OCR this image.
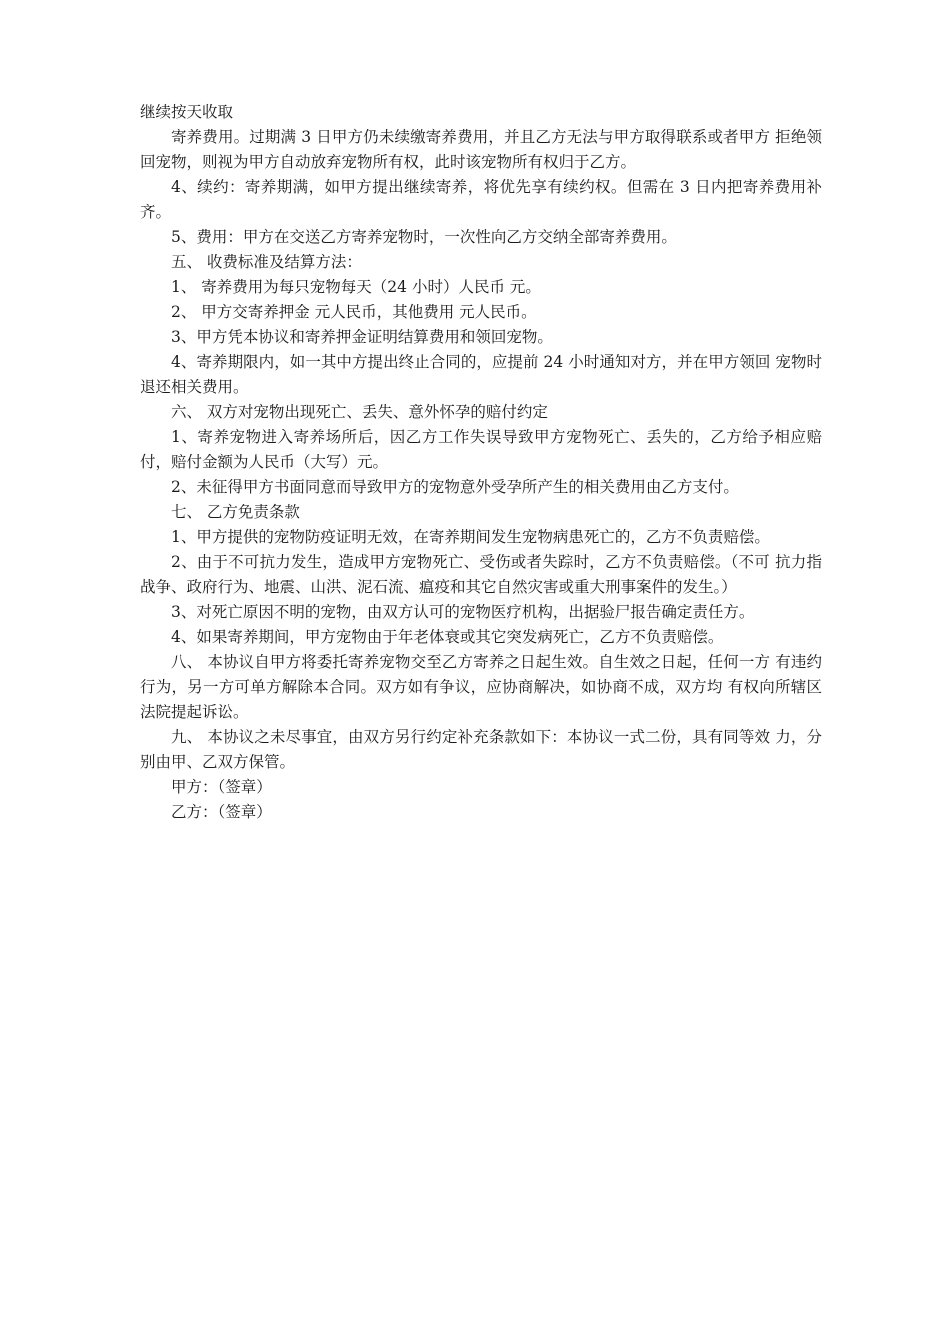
继续按天收取

寄养费用。过期满 3 日甲方仍未续缴寄养费用，并且乙方无法与甲方取得联系或者甲方 拒绝领回宠物，则视为甲方自动放弃宠物所有权，此时该宠物所有权归于乙方。

4、续约：寄养期满，如甲方提出继续寄养，将优先享有续约权。但需在 3 日内把寄养费用补齐。

5、费用：甲方在交送乙方寄养宠物时，一次性向乙方交纳全部寄养费用。

五、 收费标准及结算方法：

1、 寄养费用为每只宠物每天（24 小时）人民币 元。

2、 甲方交寄养押金 元人民币，其他费用 元人民币。

3、甲方凭本协议和寄养押金证明结算费用和领回宠物。

4、寄养期限内，如一其中方提出终止合同的，应提前 24 小时通知对方，并在甲方领回 宠物时退还相关费用。

六、 双方对宠物出现死亡、丢失、意外怀孕的赔付约定

1、寄养宠物进入寄养场所后，因乙方工作失误导致甲方宠物死亡、丢失的，乙方给予相应赔付，赔付金额为人民币（大写）元。

2、未征得甲方书面同意而导致甲方的宠物意外受孕所产生的相关费用由乙方支付。

七、 乙方免责条款

1、甲方提供的宠物防疫证明无效，在寄养期间发生宠物病患死亡的，乙方不负责赔偿。

2、由于不可抗力发生，造成甲方宠物死亡、受伤或者失踪时，乙方不负责赔偿。（不可 抗力指战争、政府行为、地震、山洪、泥石流、瘟疫和其它自然灾害或重大刑事案件的发生。）

3、对死亡原因不明的宠物，由双方认可的宠物医疗机构，出据验尸报告确定责任方。

4、如果寄养期间，甲方宠物由于年老体衰或其它突发病死亡，乙方不负责赔偿。

八、 本协议自甲方将委托寄养宠物交至乙方寄养之日起生效。自生效之日起，任何一方 有违约行为，另一方可单方解除本合同。双方如有争议，应协商解决，如协商不成，双方均 有权向所辖区法院提起诉讼。

九、 本协议之未尽事宜，由双方另行约定补充条款如下：本协议一式二份，具有同等效 力，分别由甲、乙双方保管。

甲方：（签章）

乙方：（签章）
